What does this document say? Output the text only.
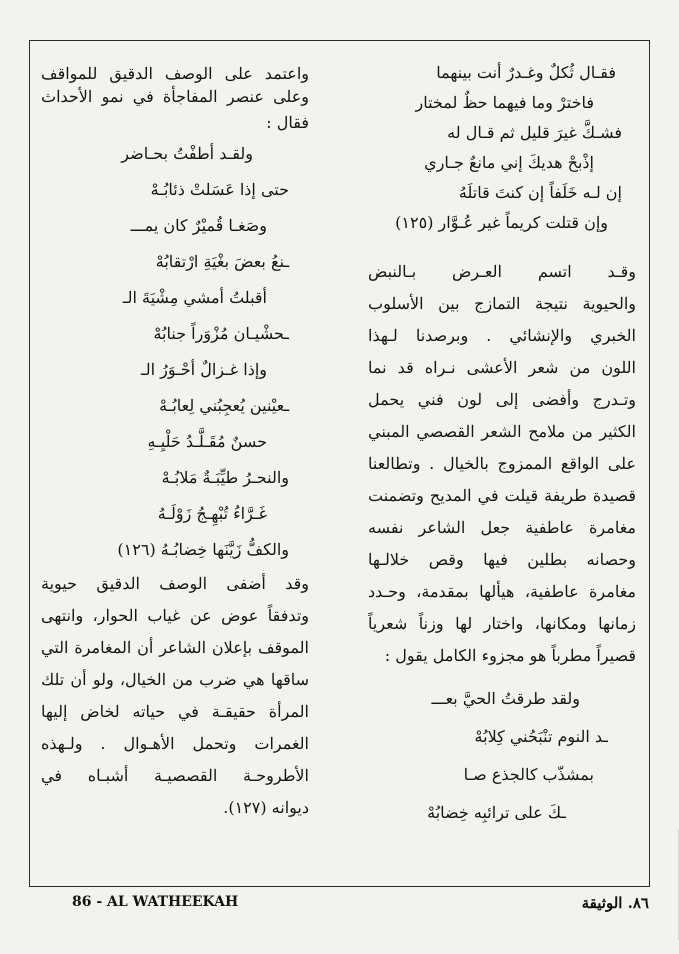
فقـال ثُكلٌ وغـدرٌ أنت بينهما
فاخترْ وما فيهما حظٌ لمختار
فشـكَّ غيرَ قليل ثم قـال له
إذْبحْ هديكَ إني مانعٌ جـاري
إن لـه خَلَفاً إن كنتَ قاتلَهُ
وإن قتلت كريماً غير عُـوَّار (١٢٥)
وقـد اتسم العـرض بـالنبض
والحيوية نتيجة التمازج بين الأسلوب
الخبري والإنشائي . وبرصدنا لـهذا
اللون من شعر الأعشى نـراه قد نما
وتـدرج وأفضى إلى لون فني يحمل
الكثير من ملامح الشعر القصصي المبني
على الواقع الممزوج بالخيال . وتطالعنا
قصيدة طريفة قيلت في المديح وتضمنت
مغامرة عاطفية جعل الشاعر نفسه
وحصانه بطلين فيها وقص خلالـها
مغامرة عاطفية، هيألها بمقدمة، وحـدد
زمانها ومكانها، واختار لها وزناً شعرياً
قصيراً مطرباً هو مجزوء الكامل يقول :
ولقد طرقتُ الحيَّ بعـــ
ـد النوم تنْبَحُني كِلابُهْ
بمشذّب كالجذع صـا
ـكَ على ترائبِه خِضابُهْ
واعتمد على الوصف الدقيق للمواقف
وعلى عنصر المفاجأة في نمو الأحداث
فقال :
ولقـد أطفْتُ بحـاضر
حتى إذا عَسَلتْ ذئابُـهْ
وصَغـا قُميْرٌ كان يمـــ
ـنعُ بعضَ بغْيَةِ ارْتقابُهْ
أقبلتُ أمشي مِشْيَةَ الـ
ـحشْيـان مُزْوَراً جنابُهْ
وإذا غـزالٌ أحْـوَرُ الـ
ـعيْنين يُعجِبُني لِعابُـهْ
حسنٌ مُقَـلَّـدُ حَلْيِـهِ
والنحـرُ طيِّبَـةٌ مَلابُـهْ
غَـرَّاءُ تُبْهِـجُ زَوْلَـهُ
والكفُّ زَيَّنَها خِضابُـهُ (١٢٦)
وقد أضفى الوصف الدقيق حيوية
وتدفقاً عوض عن غياب الحوار، وانتهى
الموقف بإعلان الشاعر أن المغامرة التي
ساقها هي ضرب من الخيال، ولو أن تلك
المرأة حقيقـة في حياته لخاض إليها
الغمرات وتحمل الأهـوال . ولـهذه
الأطروحـة القصصيـة أشبـاه في
ديوانه (١٢٧).
86 - AL WATHEEKAH	٨٦. الوثيقة
